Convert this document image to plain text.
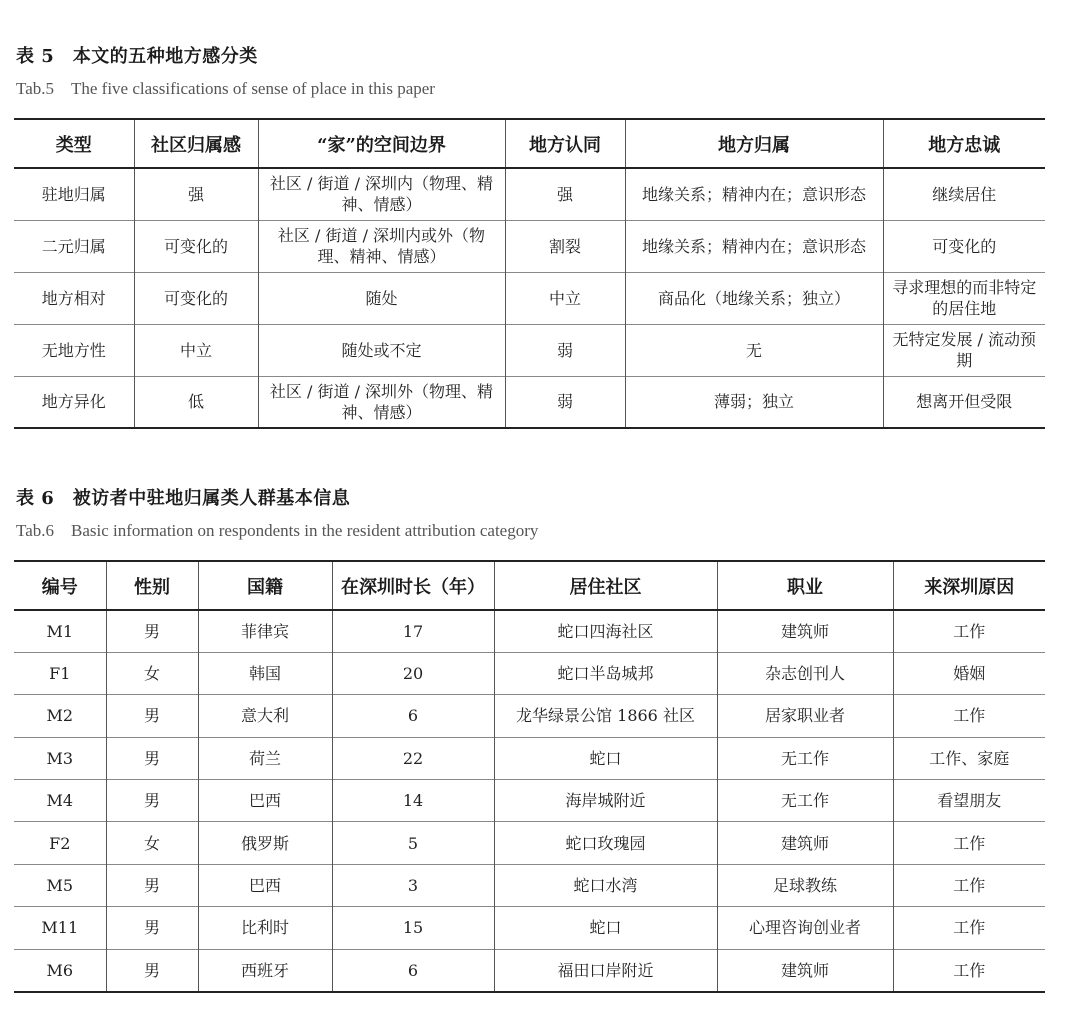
表 5　本文的五种地方感分类
Tab.5　The five classifications of sense of place in this paper
类型	社区归属感	“家”的空间边界	地方认同	地方归属	地方忠诚
驻地归属	强	社区 / 街道 / 深圳内（物理、精神、情感）	强	地缘关系；精神内在；意识形态	继续居住
二元归属	可变化的	社区 / 街道 / 深圳内或外（物理、精神、情感）	割裂	地缘关系；精神内在；意识形态	可变化的
地方相对	可变化的	随处	中立	商品化（地缘关系；独立）	寻求理想的而非特定的居住地
无地方性	中立	随处或不定	弱	无	无特定发展 / 流动预期
地方异化	低	社区 / 街道 / 深圳外（物理、精神、情感）	弱	薄弱；独立	想离开但受限
表 6　被访者中驻地归属类人群基本信息
Tab.6　Basic information on respondents in the resident attribution category
编号	性别	国籍	在深圳时长（年）	居住社区	职业	来深圳原因
M1	男	菲律宾	17	蛇口四海社区	建筑师	工作
F1	女	韩国	20	蛇口半岛城邦	杂志创刊人	婚姻
M2	男	意大利	6	龙华绿景公馆 1866 社区	居家职业者	工作
M3	男	荷兰	22	蛇口	无工作	工作、家庭
M4	男	巴西	14	海岸城附近	无工作	看望朋友
F2	女	俄罗斯	5	蛇口玫瑰园	建筑师	工作
M5	男	巴西	3	蛇口水湾	足球教练	工作
M11	男	比利时	15	蛇口	心理咨询创业者	工作
M6	男	西班牙	6	福田口岸附近	建筑师	工作
